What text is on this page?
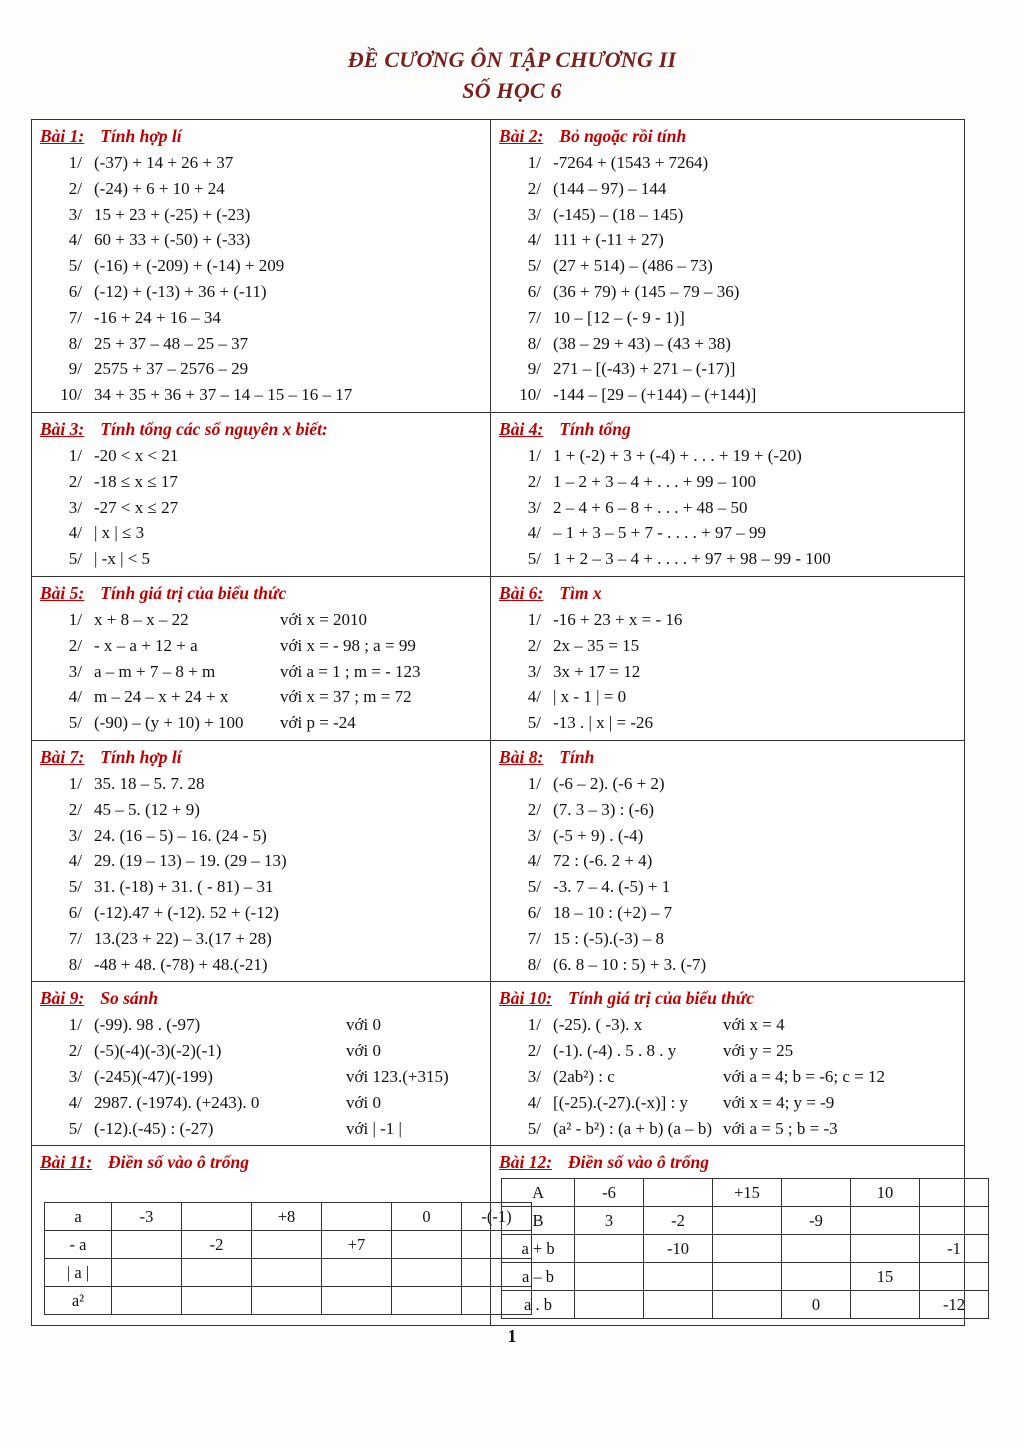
ĐỀ CƯƠNG ÔN TẬP CHƯƠNG II
SỐ HỌC 6
Bài 1: Tính hợp lí
1/ (-37) + 14 + 26 + 37
2/ (-24) + 6 + 10 + 24
3/ 15 + 23 + (-25) + (-23)
4/ 60 + 33 + (-50) + (-33)
5/ (-16) + (-209) + (-14) + 209
6/ (-12) + (-13) + 36 + (-11)
7/ -16 + 24 + 16 – 34
8/ 25 + 37 – 48 – 25 – 37
9/ 2575 + 37 – 2576 – 29
10/ 34 + 35 + 36 + 37 – 14 – 15 – 16 – 17
Bài 2: Bỏ ngoặc rồi tính
1/ -7264 + (1543 + 7264)
2/ (144 – 97) – 144
3/ (-145) – (18 – 145)
4/ 111 + (-11 + 27)
5/ (27 + 514) – (486 – 73)
6/ (36 + 79) + (145 – 79 – 36)
7/ 10 – [12 – (- 9 - 1)]
8/ (38 – 29 + 43) – (43 + 38)
9/ 271 – [(-43) + 271 – (-17)]
10/ -144 – [29 – (+144) – (+144)]
Bài 3: Tính tổng các số nguyên x biết:
1/ -20 < x < 21
2/ -18 ≤ x ≤ 17
3/ -27 < x ≤ 27
4/ | x | ≤ 3
5/ | -x | < 5
Bài 4: Tính tổng
1/ 1 + (-2) + 3 + (-4) + . . . + 19 + (-20)
2/ 1 – 2 + 3 – 4 + . . . + 99 – 100
3/ 2 – 4 + 6 – 8 + . . . + 48 – 50
4/ – 1 + 3 – 5 + 7 - . . . . + 97 – 99
5/ 1 + 2 – 3 – 4 + . . . . + 97 + 98 – 99 - 100
Bài 5: Tính giá trị của biểu thức
1/ x + 8 – x – 22	với x = 2010
2/ - x – a + 12 + a	với x = - 98 ; a = 99
3/ a – m + 7 – 8 + m	với a = 1 ; m = - 123
4/ m – 24 – x + 24 + x	với x = 37 ; m = 72
5/ (-90) – (y + 10) + 100	với p = -24
Bài 6: Tìm x
1/ -16 + 23 + x = - 16
2/ 2x – 35 = 15
3/ 3x + 17 = 12
4/ | x - 1 | = 0
5/ -13 . | x | = -26
Bài 7: Tính hợp lí
1/ 35. 18 – 5. 7. 28
2/ 45 – 5. (12 + 9)
3/ 24. (16 – 5) – 16. (24 - 5)
4/ 29. (19 – 13) – 19. (29 – 13)
5/ 31. (-18) + 31. ( - 81) – 31
6/ (-12).47 + (-12). 52 + (-12)
7/ 13.(23 + 22) – 3.(17 + 28)
8/ -48 + 48. (-78) + 48.(-21)
Bài 8: Tính
1/ (-6 – 2). (-6 + 2)
2/ (7. 3 – 3) : (-6)
3/ (-5 + 9) . (-4)
4/ 72 : (-6. 2 + 4)
5/ -3. 7 – 4. (-5) + 1
6/ 18 – 10 : (+2) – 7
7/ 15 : (-5).(-3) – 8
8/ (6. 8 – 10 : 5) + 3. (-7)
Bài 9: So sánh
1/ (-99). 98 . (-97)	với 0
2/ (-5)(-4)(-3)(-2)(-1)	với 0
3/ (-245)(-47)(-199)	với 123.(+315)
4/ 2987. (-1974). (+243). 0	với 0
5/ (-12).(-45) : (-27)	với | -1 |
Bài 10: Tính giá trị của biểu thức
1/ (-25). ( -3). x	với x = 4
2/ (-1). (-4) . 5 . 8 . y	với y = 25
3/ (2ab²) : c	với a = 4; b = -6; c = 12
4/ [(-25).(-27).(-x)] : y	với x = 4; y = -9
5/ (a² - b²) : (a + b) (a – b) với a = 5 ; b = -3
Bài 11: Điền số vào ô trống
a	-3		+8		0	-(-1)
- a		-2		+7		
| a |						
a²						
Bài 12: Điền số vào ô trống
A	-6		+15		10	
B	3	-2		-9		
a + b		-10				-1
a – b					15	
a . b				0		-12
1
